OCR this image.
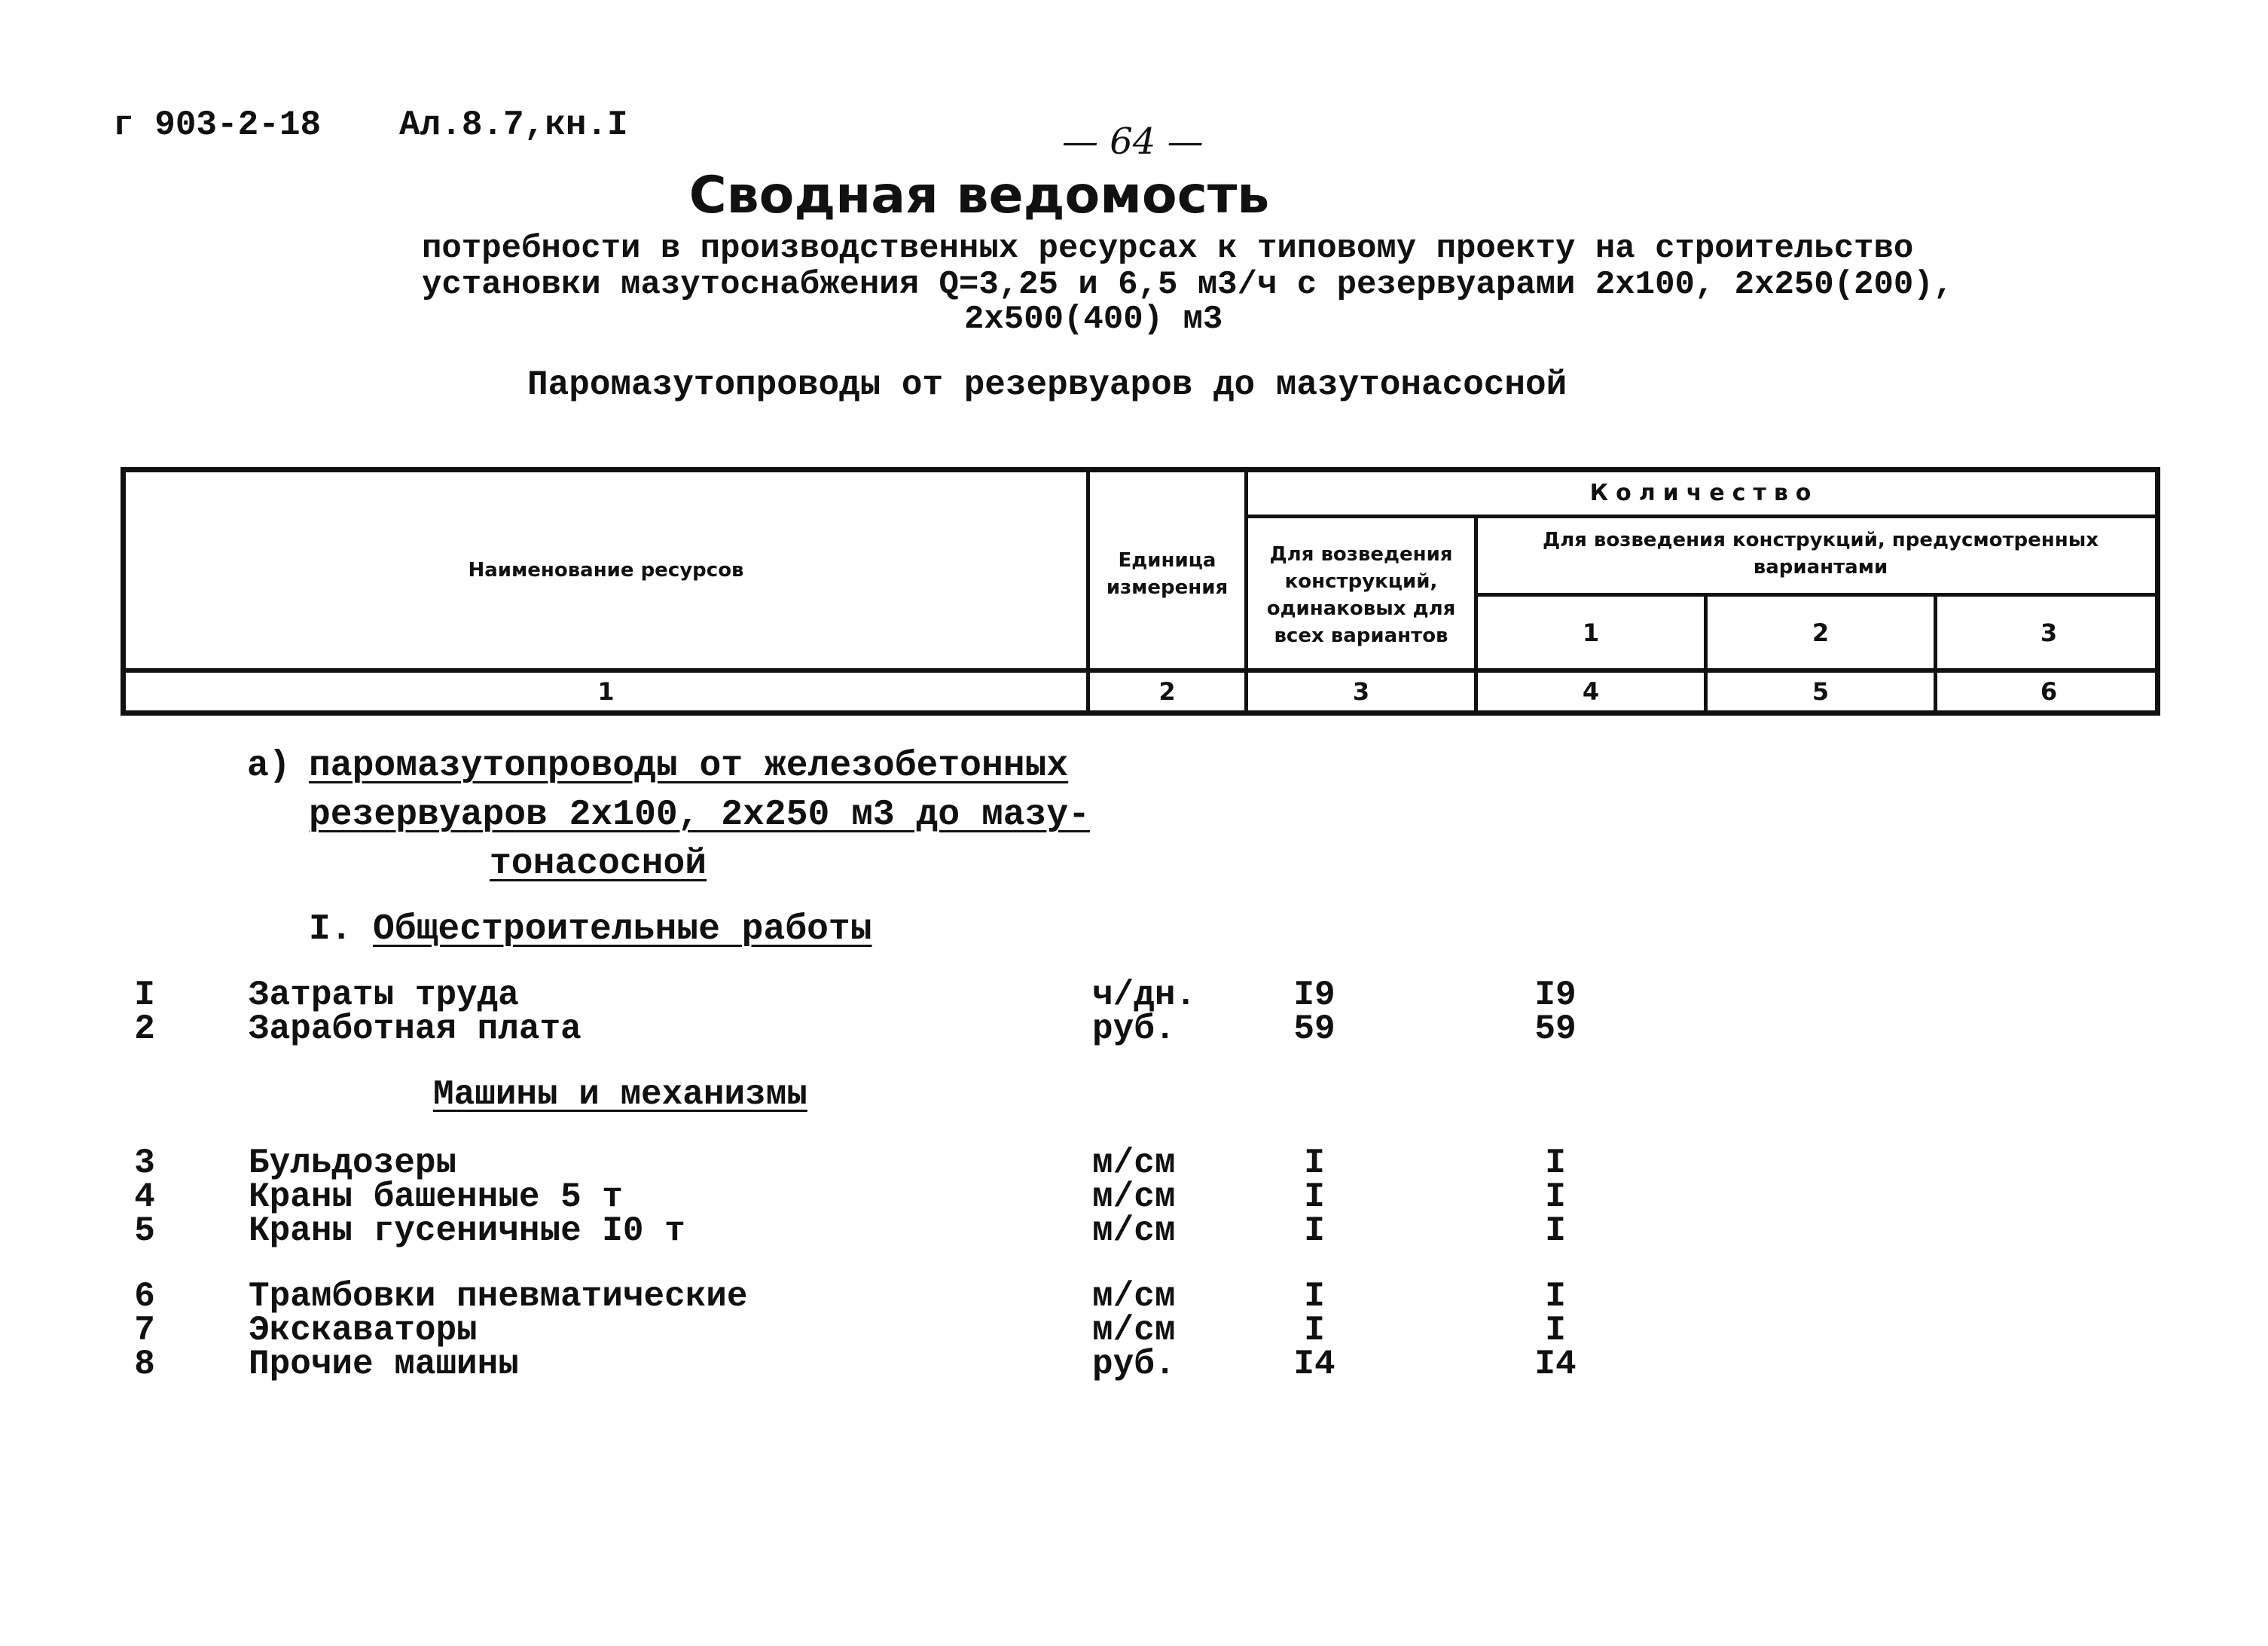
г 903-2-18 Ал.8.7,кн.I	— 64 —
Сводная ведомость

потребности в производственных ресурсах к типовому проекту на строительство

установки мазутоснабжения Q=3,25 и 6,5 м3/ч с резервуарами 2х100, 2х250(200),

2х500(400) м3

Паромазутопроводы от резервуаров до мазутонасосной
Наименование ресурсов	Единица измерения
Количество
Для возведения конструкций, одинаковых для всех вариантов
Для возведения конструкций, предусмотренных вариантами
1	2	3
1	2	3	4	5	6
а) паромазутопроводы от железобетонных
резервуаров 2х100, 2х250 м3 до мазу-
тонасосной
I. Общестроительные работы
I	Затраты труда	ч/дн.	I9	I9
2	Заработная плата	руб.	59	59
Машины и механизмы
3	Бульдозеры	м/см	I	I
4	Краны башенные 5 т	м/см	I	I
5	Краны гусеничные I0 т	м/см	I	I
6	Трамбовки пневматические	м/см	I	I
7	Экскаваторы	м/см	I	I
8	Прочие машины	руб.	I4	I4
